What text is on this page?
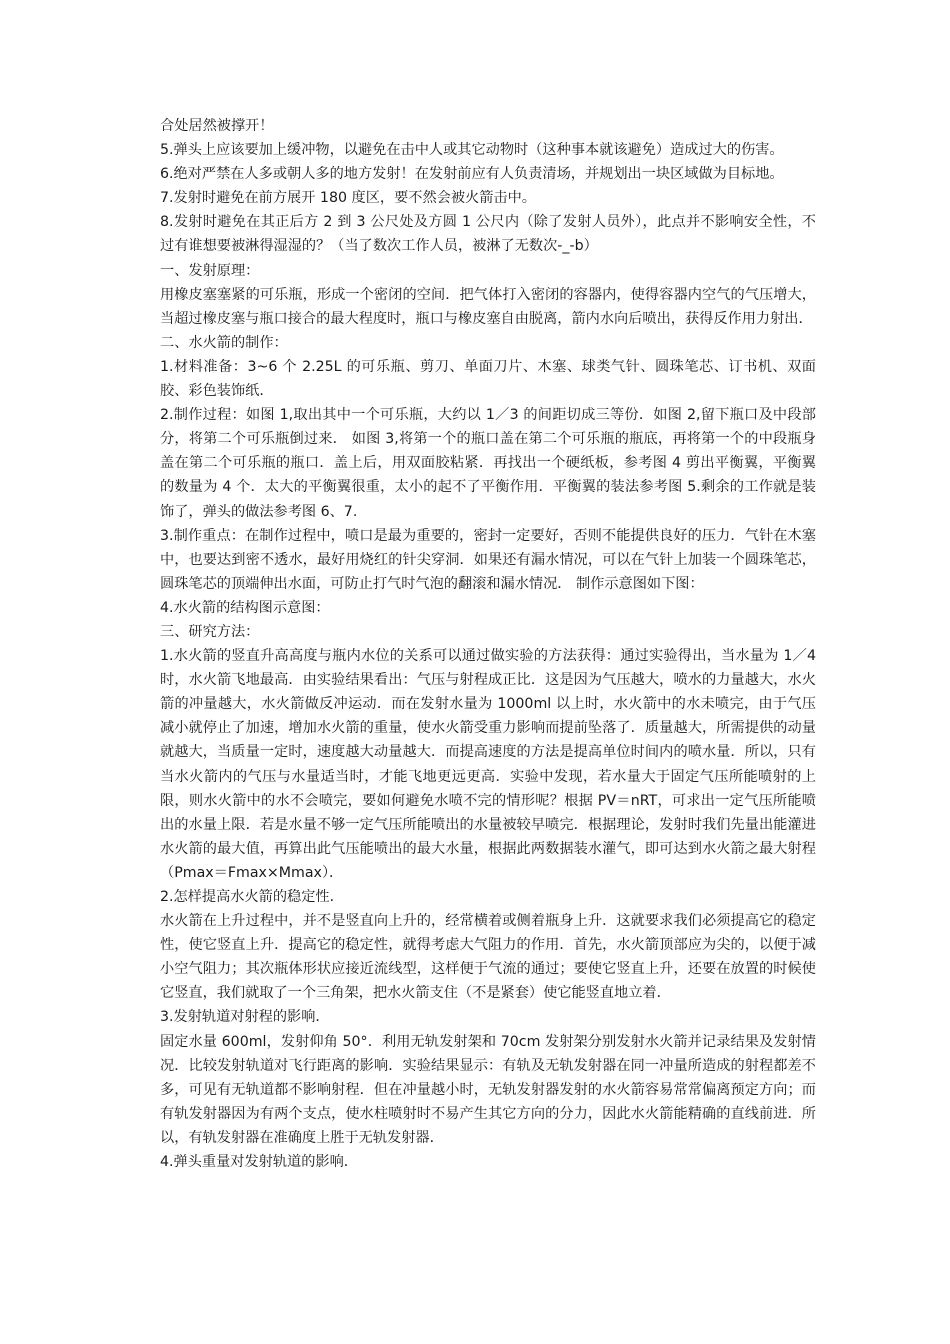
合处居然被撑开！

5.弹头上应该要加上缓冲物，以避免在击中人或其它动物时（这种事本就该避免）造成过大的伤害。

6.绝对严禁在人多或朝人多的地方发射！在发射前应有人负责清场，并规划出一块区域做为目标地。

7.发射时避免在前方展开 180 度区，要不然会被火箭击中。

8.发射时避免在其正后方 2 到 3 公尺处及方圆 1 公尺内（除了发射人员外），此点并不影响安全性，不过有谁想要被淋得湿湿的？（当了数次工作人员，被淋了无数次-_-b）

一、发射原理：

用橡皮塞塞紧的可乐瓶，形成一个密闭的空间．把气体打入密闭的容器内，使得容器内空气的气压增大，当超过橡皮塞与瓶口接合的最大程度时，瓶口与橡皮塞自由脱离，箭内水向后喷出，获得反作用力射出．

二、水火箭的制作：

1.材料准备：3~6 个 2.25L 的可乐瓶、剪刀、单面刀片、木塞、球类气针、圆珠笔芯、订书机、双面胶、彩色装饰纸．

2.制作过程：如图 1,取出其中一个可乐瓶，大约以 1／3 的间距切成三等份．如图 2,留下瓶口及中段部分，将第二个可乐瓶倒过来． 如图 3,将第一个的瓶口盖在第二个可乐瓶的瓶底，再将第一个的中段瓶身盖在第二个可乐瓶的瓶口．盖上后，用双面胶粘紧．再找出一个硬纸板，参考图 4 剪出平衡翼，平衡翼的数量为 4 个．太大的平衡翼很重，太小的起不了平衡作用．平衡翼的装法参考图 5.剩余的工作就是装饰了，弹头的做法参考图 6、7.

3.制作重点：在制作过程中，喷口是最为重要的，密封一定要好，否则不能提供良好的压力．气针在木塞中，也要达到密不透水，最好用烧红的针尖穿洞．如果还有漏水情况，可以在气针上加装一个圆珠笔芯，圆珠笔芯的顶端伸出水面，可防止打气时气泡的翻滚和漏水情况． 制作示意图如下图：

4.水火箭的结构图示意图：

三、研究方法：

1.水火箭的竖直升高高度与瓶内水位的关系可以通过做实验的方法获得：通过实验得出，当水量为 1／4 时，水火箭飞地最高．由实验结果看出：气压与射程成正比．这是因为气压越大，喷水的力量越大，水火箭的冲量越大，水火箭做反冲运动．而在发射水量为 1000ml 以上时，水火箭中的水未喷完，由于气压减小就停止了加速，增加水火箭的重量，使水火箭受重力影响而提前坠落了．质量越大，所需提供的动量就越大，当质量一定时，速度越大动量越大．而提高速度的方法是提高单位时间内的喷水量．所以，只有当水火箭内的气压与水量适当时，才能飞地更远更高．实验中发现，若水量大于固定气压所能喷射的上限，则水火箭中的水不会喷完，要如何避免水喷不完的情形呢？根据 PV＝nRT，可求出一定气压所能喷出的水量上限．若是水量不够一定气压所能喷出的水量被较早喷完．根据理论，发射时我们先量出能灌进水火箭的最大值，再算出此气压能喷出的最大水量，根据此两数据装水灌气，即可达到水火箭之最大射程（Pmax＝Fmax×Mmax）．

2.怎样提高水火箭的稳定性．

水火箭在上升过程中，并不是竖直向上升的，经常横着或侧着瓶身上升．这就要求我们必须提高它的稳定性，使它竖直上升．提高它的稳定性，就得考虑大气阻力的作用．首先，水火箭顶部应为尖的，以便于减小空气阻力；其次瓶体形状应接近流线型，这样便于气流的通过；要使它竖直上升，还要在放置的时候使它竖直，我们就取了一个三角架，把水火箭支住（不是紧套）使它能竖直地立着．

3.发射轨道对射程的影响．

固定水量 600ml，发射仰角 50°．利用无轨发射架和 70cm 发射架分别发射水火箭并记录结果及发射情况．比较发射轨道对飞行距离的影响．实验结果显示：有轨及无轨发射器在同一冲量所造成的射程都差不多，可见有无轨道都不影响射程．但在冲量越小时，无轨发射器发射的水火箭容易常常偏离预定方向；而有轨发射器因为有两个支点，使水柱喷射时不易产生其它方向的分力，因此水火箭能精确的直线前进．所以，有轨发射器在准确度上胜于无轨发射器．

4.弹头重量对发射轨道的影响．
